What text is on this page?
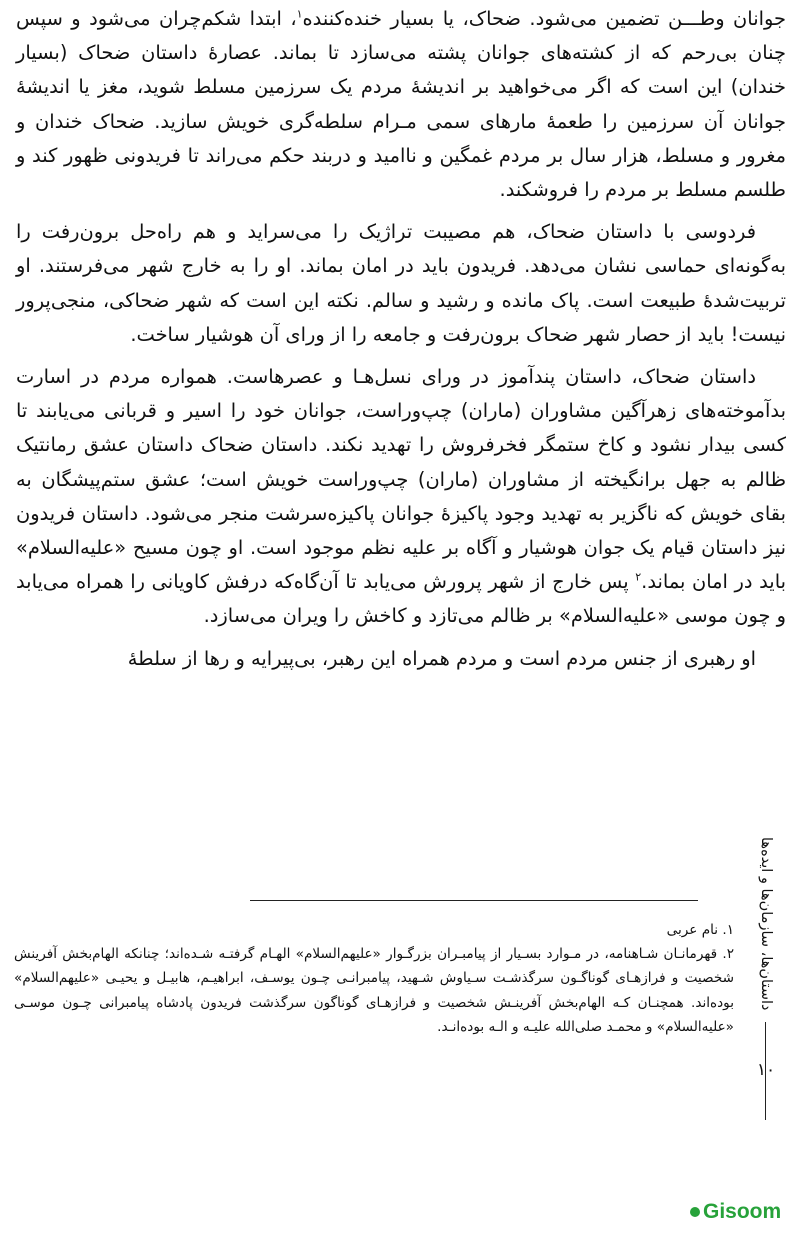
جوانان وطـــن تضمین می‌شود. ضحاک، یا بسیار خنده‌کننده$^۱$، ابتدا شکم‌چران می‌شود و سپس چنان بی‌رحم که از کشته‌های جوانان پشته می‌سازد تا بماند. عصارهٔ داستان ضحاک (بسیار خندان) این است که اگر می‌خواهید بر اندیشهٔ مردم یک سرزمین مسلط شوید، مغز یا اندیشهٔ جوانان آن سرزمین را طعمهٔ مارهای سمی مـرام سلطه‌گری خویش سازید. ضحاک خندان و مغرور و مسلط، هزار سال بر مردم غمگین و ناامید و دربند حکم می‌راند تا فریدونی ظهور کند و طلسم مسلط بر مردم را فروشکند.

فردوسی با داستان ضحاک، هم مصیبت تراژیک را می‌سراید و هم راه‌حل برون‌رفت را به‌گونه‌ای حماسی نشان می‌دهد. فریدون باید در امان بماند. او را به خارج شهر می‌فرستند. او تربیت‌شدهٔ طبیعت است. پاک مانده و رشید و سالم. نکته این است که شهر ضحاکی، منجی‌پرور نیست! باید از حصار شهر ضحاک برون‌رفت و جامعه را از ورای آن هوشیار ساخت.

داستان ضحاک، داستان پندآموز در ورای نسل‌هـا و عصرهاست. همواره مردم در اسارت بدآموخته‌های زهرآگین مشاوران (ماران) چپ‌وراست، جوانان خود را اسیر و قربانی می‌یابند تا کسی بیدار نشود و کاخ ستمگر فخرفروش را تهدید نکند. داستان ضحاک داستان عشق رمانتیک ظالم به جهل برانگیخته از مشاوران (ماران) چپ‌وراست خویش است؛ عشق ستم‌پیشگان به بقای خویش که ناگزیر به تهدید وجود پاکیزهٔ جوانان پاکیزه‌سرشت منجر می‌شود. داستان فریدون نیز داستان قیام یک جوان هوشیار و آگاه بر علیه نظم موجود است. او چون مسیح «علیه‌السلام» باید در امان بماند.$^۲$ پس خارج از شهر پرورش می‌یابد تا آن‌گاه‌که درفش کاویانی را همراه می‌یابد و چون موسی «علیه‌السلام» بر ظالم می‌تازد و کاخش را ویران می‌سازد.

او رهبری از جنس مردم است و مردم همراه این رهبر، بی‌پیرایه و رها از سلطهٔ

۱. نام عربی

۲. قهرمانـان شـاهنامه، در مـوارد بسـیار از پیامبـران بزرگـوار «علیهم‌السلام» الهـام گرفتـه شـده‌اند؛ چنانکه الهام‌بخش آفرینش شخصیت و فرازهـای گوناگـون سرگذشـت سـیاوش شـهید، پیامبرانـی چـون یوسـف، ابراهیـم، هابیـل و یحیـی «علیهم‌السلام» بوده‌اند. همچنـان کـه الهام‌بخش آفرینـش شخصیت و فرازهـای گوناگون سرگذشت فریدون پادشاه پیامبرانی چـون موسـی «علیه‌السلام» و محمـد صلی‌الله علیـه و الـه بوده‌انـد.

داستان‌ها، سازمان‌ها و ایده‌ها
۱۰
Gisoom
